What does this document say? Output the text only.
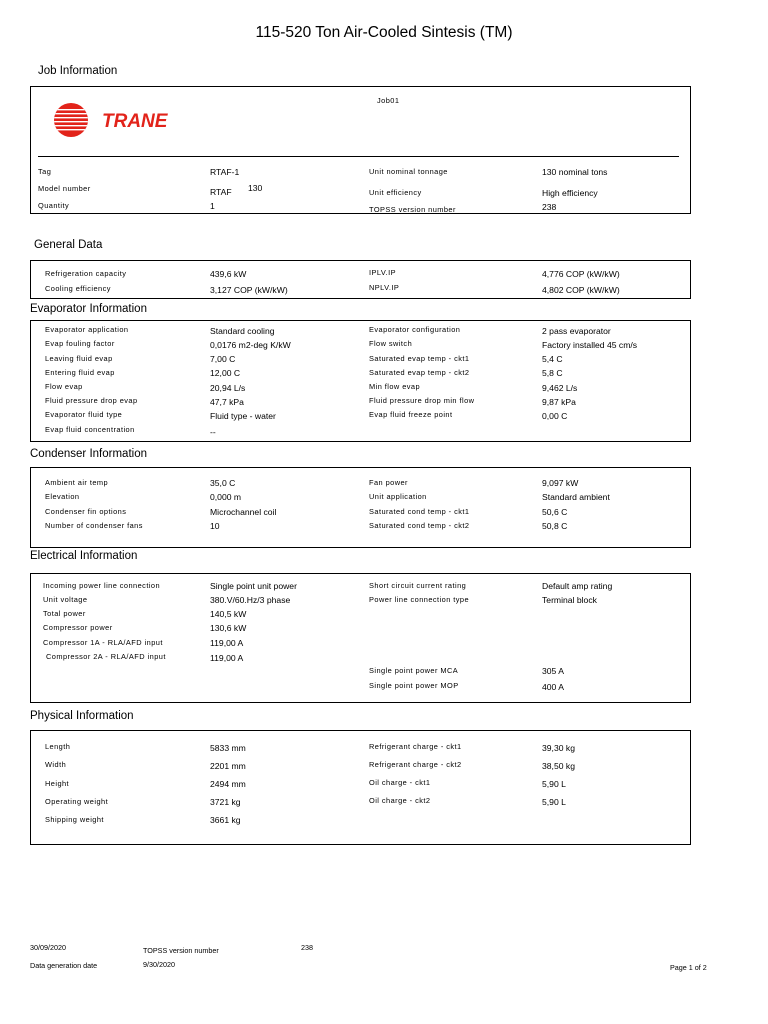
115-520 Ton Air-Cooled Sintesis (TM)
Job Information
Job01
TRANE
Tag	RTAF-1	Unit nominal tonnage	130 nominal tons
Model number	RTAF 130	Unit efficiency	High efficiency
Quantity	1	TOPSS version number	238
General Data
Refrigeration capacity	439,6 kW	IPLV.IP	4,776 COP (kW/kW)
Cooling efficiency	3,127 COP (kW/kW)	NPLV.IP	4,802 COP (kW/kW)
Evaporator Information
Evaporator application	Standard cooling	Evaporator configuration	2 pass evaporator
Evap fouling factor	0,0176 m2-deg K/kW	Flow switch	Factory installed 45 cm/s
Leaving fluid evap	7,00 C	Saturated evap temp - ckt1	5,4 C
Entering fluid evap	12,00 C	Saturated evap temp - ckt2	5,8 C
Flow evap	20,94 L/s	Min flow evap	9,462 L/s
Fluid pressure drop evap	47,7 kPa	Fluid pressure drop min flow	9,87 kPa
Evaporator fluid type	Fluid type - water	Evap fluid freeze point	0,00 C
Evap fluid concentration	--
Condenser Information
Ambient air temp	35,0 C	Fan power	9,097 kW
Elevation	0,000 m	Unit application	Standard ambient
Condenser fin options	Microchannel coil	Saturated cond temp - ckt1	50,6 C
Number of condenser fans	10	Saturated cond temp - ckt2	50,8 C
Electrical Information
Incoming power line connection	Single point unit power	Short circuit current rating	Default amp rating
Unit voltage	380.V/60.Hz/3 phase	Power line connection type	Terminal block
Total power	140,5 kW
Compressor power	130,6 kW
Compressor 1A - RLA/AFD input	119,00 A
Compressor 2A - RLA/AFD input	119,00 A
Single point power MCA	305 A
Single point power MOP	400 A
Physical Information
Length	5833 mm	Refrigerant charge - ckt1	39,30 kg
Width	2201 mm	Refrigerant charge - ckt2	38,50 kg
Height	2494 mm	Oil charge - ckt1	5,90 L
Operating weight	3721 kg	Oil charge - ckt2	5,90 L
Shipping weight	3661 kg
30/09/2020	TOPSS version number	238
Data generation date	9/30/2020	Page 1 of 2
